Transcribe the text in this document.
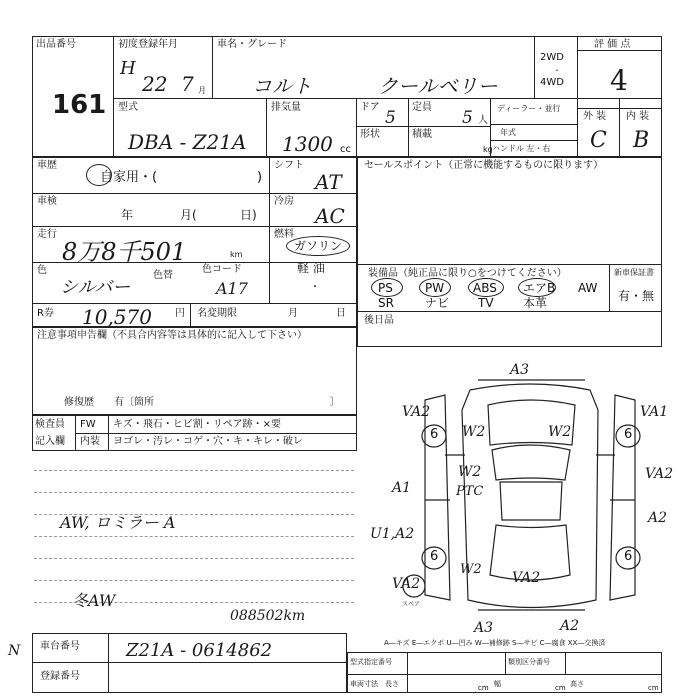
出品番号
161
初度登録年月
H
22 7 月
車名・グレード
コルト	クールベリー
2WD
・
4WD
評 価 点
4
外 装 内 装
C B
型式
DBA - Z21A
排気量
1300 cc
ドア
5
定員
5 人
形状	積載
kg
ディーラー・並行
年式
ハンドル 左・右
車歴
自家用・(	)
シフト
AT
車検
年	月(	日)
冷房
AC
走行
8万8千501	km
燃料
ガソリン
軽 油
・
色
シルバー
色替
色コード
A17
R券 10,570 円 名変期限	月	日
セールスポイント（正常に機能するものに限ります）
装備品（純正品に限り○をつけてください）	新車保証書
有・無
PS	PW ABS エアB AW
SR	ナビ TV 本革
後日品
注意事項申告欄（不具合内容等は具体的に記入して下さい）
修復歴　　有〔箇所	〕
検査員
記入欄
FW キズ・飛石・ヒビ割・リペア跡・×要
内装 ヨゴレ・汚レ・コゲ・穴・キ・キレ・破レ
AW, ロミラー A
冬AW
088502km
A3
VA2	VA1
W2	W2
W2
PTC
A1
VA2
A2
U1,A2
VA2	VA2
A3	A2
W2
6	6
6	6
スペア
A―キズ E―エクボ U―凹み W―補修跡 S―サビ C―腐食 XX―交換済
車台番号	Z21A - 0614862
登録番号
N
型式指定番号	類別区分番号
車両寸法　長さ	cm 幅	cm 高さ	cm
